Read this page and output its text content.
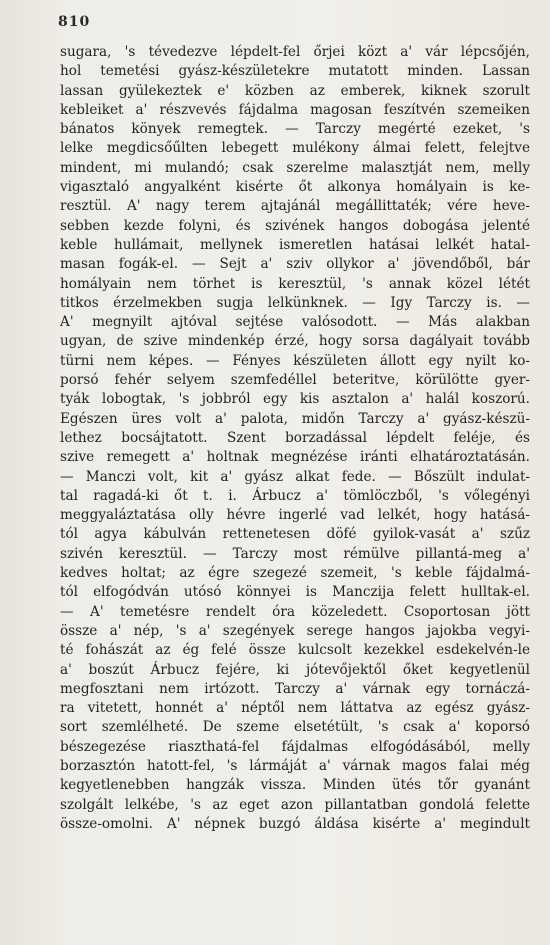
810
sugara, 's tévedezve lépdelt-fel őrjei közt a' vár lépcsőjén,
hol temetési gyász-készületekre mutatott minden. Lassan
lassan gyülekeztek e' közben az emberek, kiknek szorult
kebleiket a' részvevés fájdalma magosan feszítvén szemeiken
bánatos könyek remegtek. — Tarczy megérté ezeket, 's
lelke megdicsőűlten lebegett mulékony álmai felett, felejtve
mindent, mi mulandó; csak szerelme malasztját nem, melly
vigasztaló angyalként kisérte őt alkonya homályain is ke-
resztül. A' nagy terem ajtajánál megállittaték; vére heve-
sebben kezde folyni, és szivének hangos dobogása jelenté
keble hullámait, mellynek ismeretlen hatásai lelkét hatal-
masan fogák-el. — Sejt a' sziv ollykor a' jövendőből, bár
homályain nem törhet is keresztül, 's annak közel létét
titkos érzelmekben sugja lelkünknek. — Igy Tarczy is. —
A' megnyilt ajtóval sejtése valósodott. — Más alakban
ugyan, de szive mindenkép érzé, hogy sorsa dagályait tovább
türni nem képes. — Fényes készületen állott egy nyilt ko-
porsó fehér selyem szemfedéllel beteritve, körülötte gyer-
tyák lobogtak, 's jobbról egy kis asztalon a' halál koszorú.
Egészen üres volt a' palota, midőn Tarczy a' gyász-készü-
lethez bocsájtatott. Szent borzadással lépdelt feléje, és
szive remegett a' holtnak megnézése iránti elhatároztatásán.
— Manczi volt, kit a' gyász alkat fede. — Bőszült indulat-
tal ragadá-ki őt t. i. Árbucz a' tömlöczből, 's vőlegényi
meggyaláztatása olly hévre ingerlé vad lelkét, hogy hatásá-
tól agya kábulván rettenetesen döfé gyilok-vasát a' szűz
szivén keresztül. — Tarczy most rémülve pillantá-meg a'
kedves holtat; az égre szegezé szemeit, 's keble fájdalmá-
tól elfogódván utósó könnyei is Manczija felett hulltak-el.
— A' temetésre rendelt óra közeledett. Csoportosan jött
össze a' nép, 's a' szegények serege hangos jajokba vegyi-
té fohászát az ég felé össze kulcsolt kezekkel esdekelvén-le
a' boszút Árbucz fejére, ki jótevőjektől őket kegyetlenül
megfosztani nem irtózott. Tarczy a' várnak egy tornáczá-
ra vitetett, honnét a' néptől nem láttatva az egész gyász-
sort szemlélheté. De szeme elsetétült, 's csak a' koporsó
bészegezése riaszthatá-fel fájdalmas elfogódásából, melly
borzasztón hatott-fel, 's lármáját a' várnak magos falai még
kegyetlenebben hangzák vissza. Minden ütés tőr gyanánt
szolgált lelkébe, 's az eget azon pillantatban gondolá felette
össze-omolni. A' népnek buzgó áldása kisérte a' megindult
